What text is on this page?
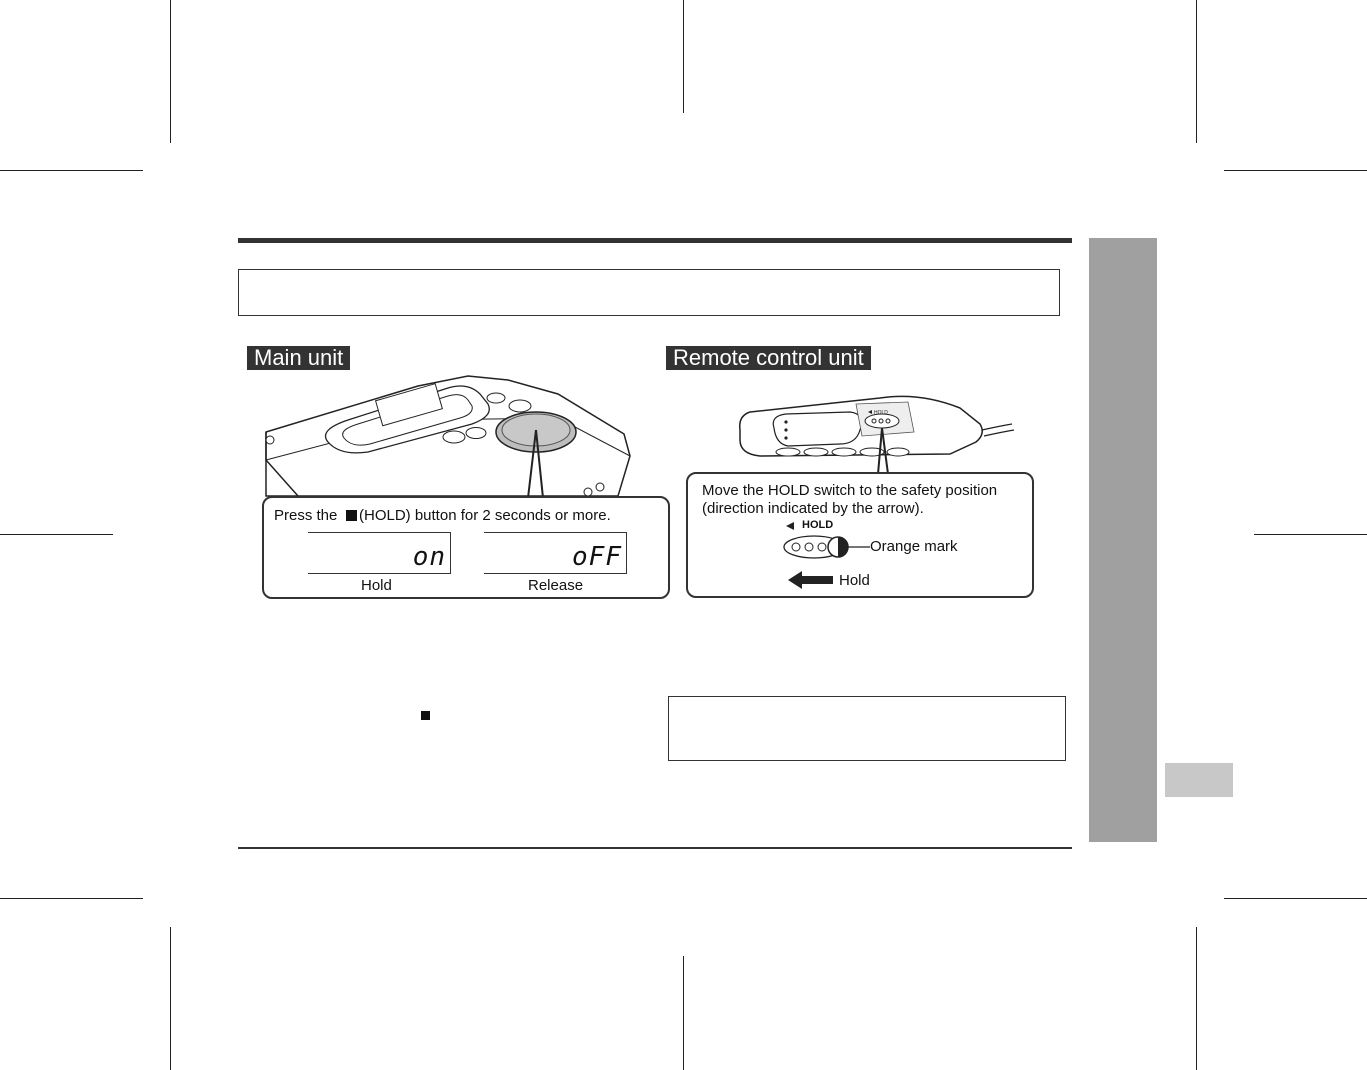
Main unit	Remote control unit
Press the (HOLD) button for 2 seconds or more.
on
Hold
oFF
Release
HOLD
Move the HOLD switch to the safety position
(direction indicated by the arrow).
HOLD
Orange mark
Hold
